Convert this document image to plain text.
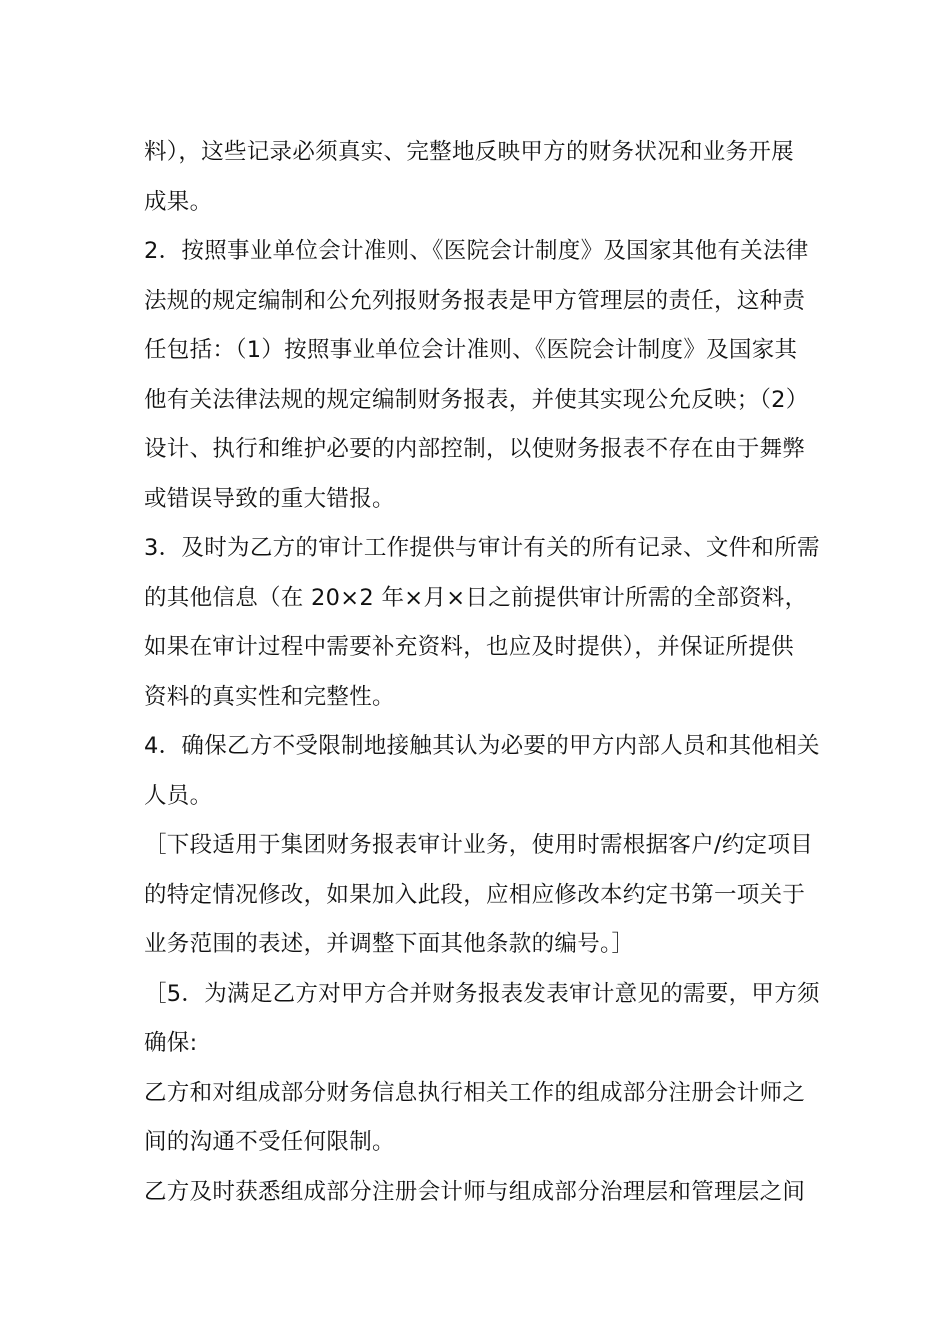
料），这些记录必须真实、完整地反映甲方的财务状况和业务开展
成果。
2．按照事业单位会计准则、《医院会计制度》及国家其他有关法律
法规的规定编制和公允列报财务报表是甲方管理层的责任，这种责
任包括：（1）按照事业单位会计准则、《医院会计制度》及国家其
他有关法律法规的规定编制财务报表，并使其实现公允反映；（2）
设计、执行和维护必要的内部控制，以使财务报表不存在由于舞弊
或错误导致的重大错报。
3．及时为乙方的审计工作提供与审计有关的所有记录、文件和所需
的其他信息（在 20×2 年×月×日之前提供审计所需的全部资料，
如果在审计过程中需要补充资料，也应及时提供），并保证所提供
资料的真实性和完整性。
4．确保乙方不受限制地接触其认为必要的甲方内部人员和其他相关
人员。
［下段适用于集团财务报表审计业务，使用时需根据客户/约定项目
的特定情况修改，如果加入此段，应相应修改本约定书第一项关于
业务范围的表述，并调整下面其他条款的编号。］
［5．为满足乙方对甲方合并财务报表发表审计意见的需要，甲方须
确保:
乙方和对组成部分财务信息执行相关工作的组成部分注册会计师之
间的沟通不受任何限制。
乙方及时获悉组成部分注册会计师与组成部分治理层和管理层之间
